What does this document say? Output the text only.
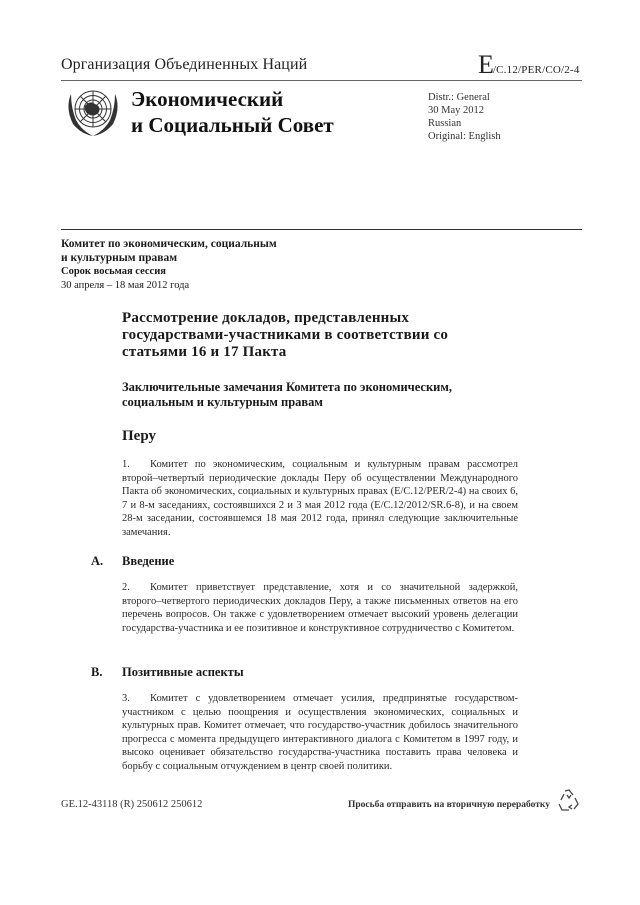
Организация Объединенных Наций	E/C.12/PER/CO/2-4
Экономический
и Социальный Совет
Distr.: General
30 May 2012
Russian
Original: English
Комитет по экономическим, социальным
и культурным правам
Сорок восьмая сессия
30 апреля – 18 мая 2012 года
Рассмотрение докладов, представленных государствами-участниками в соответствии со статьями 16 и 17 Пакта
Заключительные замечания Комитета по экономическим, социальным и культурным правам
Перу
1. Комитет по экономическим, социальным и культурным правам рассмотрел второй–четвертый периодические доклады Перу об осуществлении Международного Пакта об экономических, социальных и культурных правах (E/C.12/PER/2-4) на своих 6, 7 и 8-м заседаниях, состоявшихся 2 и 3 мая 2012 года (E/C.12/2012/SR.6-8), и на своем 28-м заседании, состоявшемся 18 мая 2012 года, принял следующие заключительные замечания.
A. Введение
2. Комитет приветствует представление, хотя и со значительной задержкой, второго–четвертого периодических докладов Перу, а также письменных ответов на его перечень вопросов. Он также с удовлетворением отмечает высокий уровень делегации государства-участника и ее позитивное и конструктивное сотрудничество с Комитетом.
B. Позитивные аспекты
3. Комитет с удовлетворением отмечает усилия, предпринятые государством-участником с целью поощрения и осуществления экономических, социальных и культурных прав. Комитет отмечает, что государство-участник добилось значительного прогресса с момента предыдущего интерактивного диалога с Комитетом в 1997 году, и высоко оценивает обязательство государства-участника поставить права человека и борьбу с социальным отчуждением в центр своей политики.
GE.12-43118 (R) 250612 250612	Просьба отправить на вторичную переработку
